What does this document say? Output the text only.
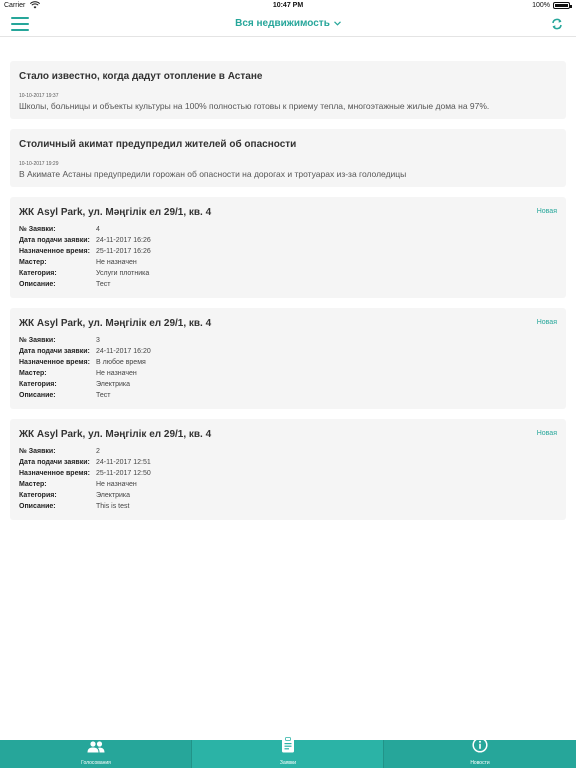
Carrier	10:47 PM	100%
Вся недвижимость
Стало известно, когда дадут отопление в Астане
10-10-2017 19:37
Школы, больницы и объекты культуры на 100% полностью готовы к приему тепла, многоэтажные жилые дома на 97%.
Столичный акимат предупредил жителей об опасности
10-10-2017 19:29
В Акимате Астаны предупредили горожан об опасности на дорогах и тротуарах из-за гололедицы
ЖК Asyl Park, ул. Мәңгілік ел 29/1, кв. 4	Новая
№ Заявки:	4
Дата подачи заявки: 24-11-2017 16:26
Назначенное время: 25-11-2017 16:26
Мастер:	Не назначен
Категория:	Услуги плотника
Описание:	Тест
ЖК Asyl Park, ул. Мәңгілік ел 29/1, кв. 4	Новая
№ Заявки:	3
Дата подачи заявки: 24-11-2017 16:20
Назначенное время: В любое время
Мастер:	Не назначен
Категория:	Электрика
Описание:	Тест
ЖК Asyl Park, ул. Мәңгілік ел 29/1, кв. 4	Новая
№ Заявки:	2
Дата подачи заявки: 24-11-2017 12:51
Назначенное время: 25-11-2017 12:50
Мастер:	Не назначен
Категория:	Электрика
Описание:	This is test
Голосования	Заявки	Новости
